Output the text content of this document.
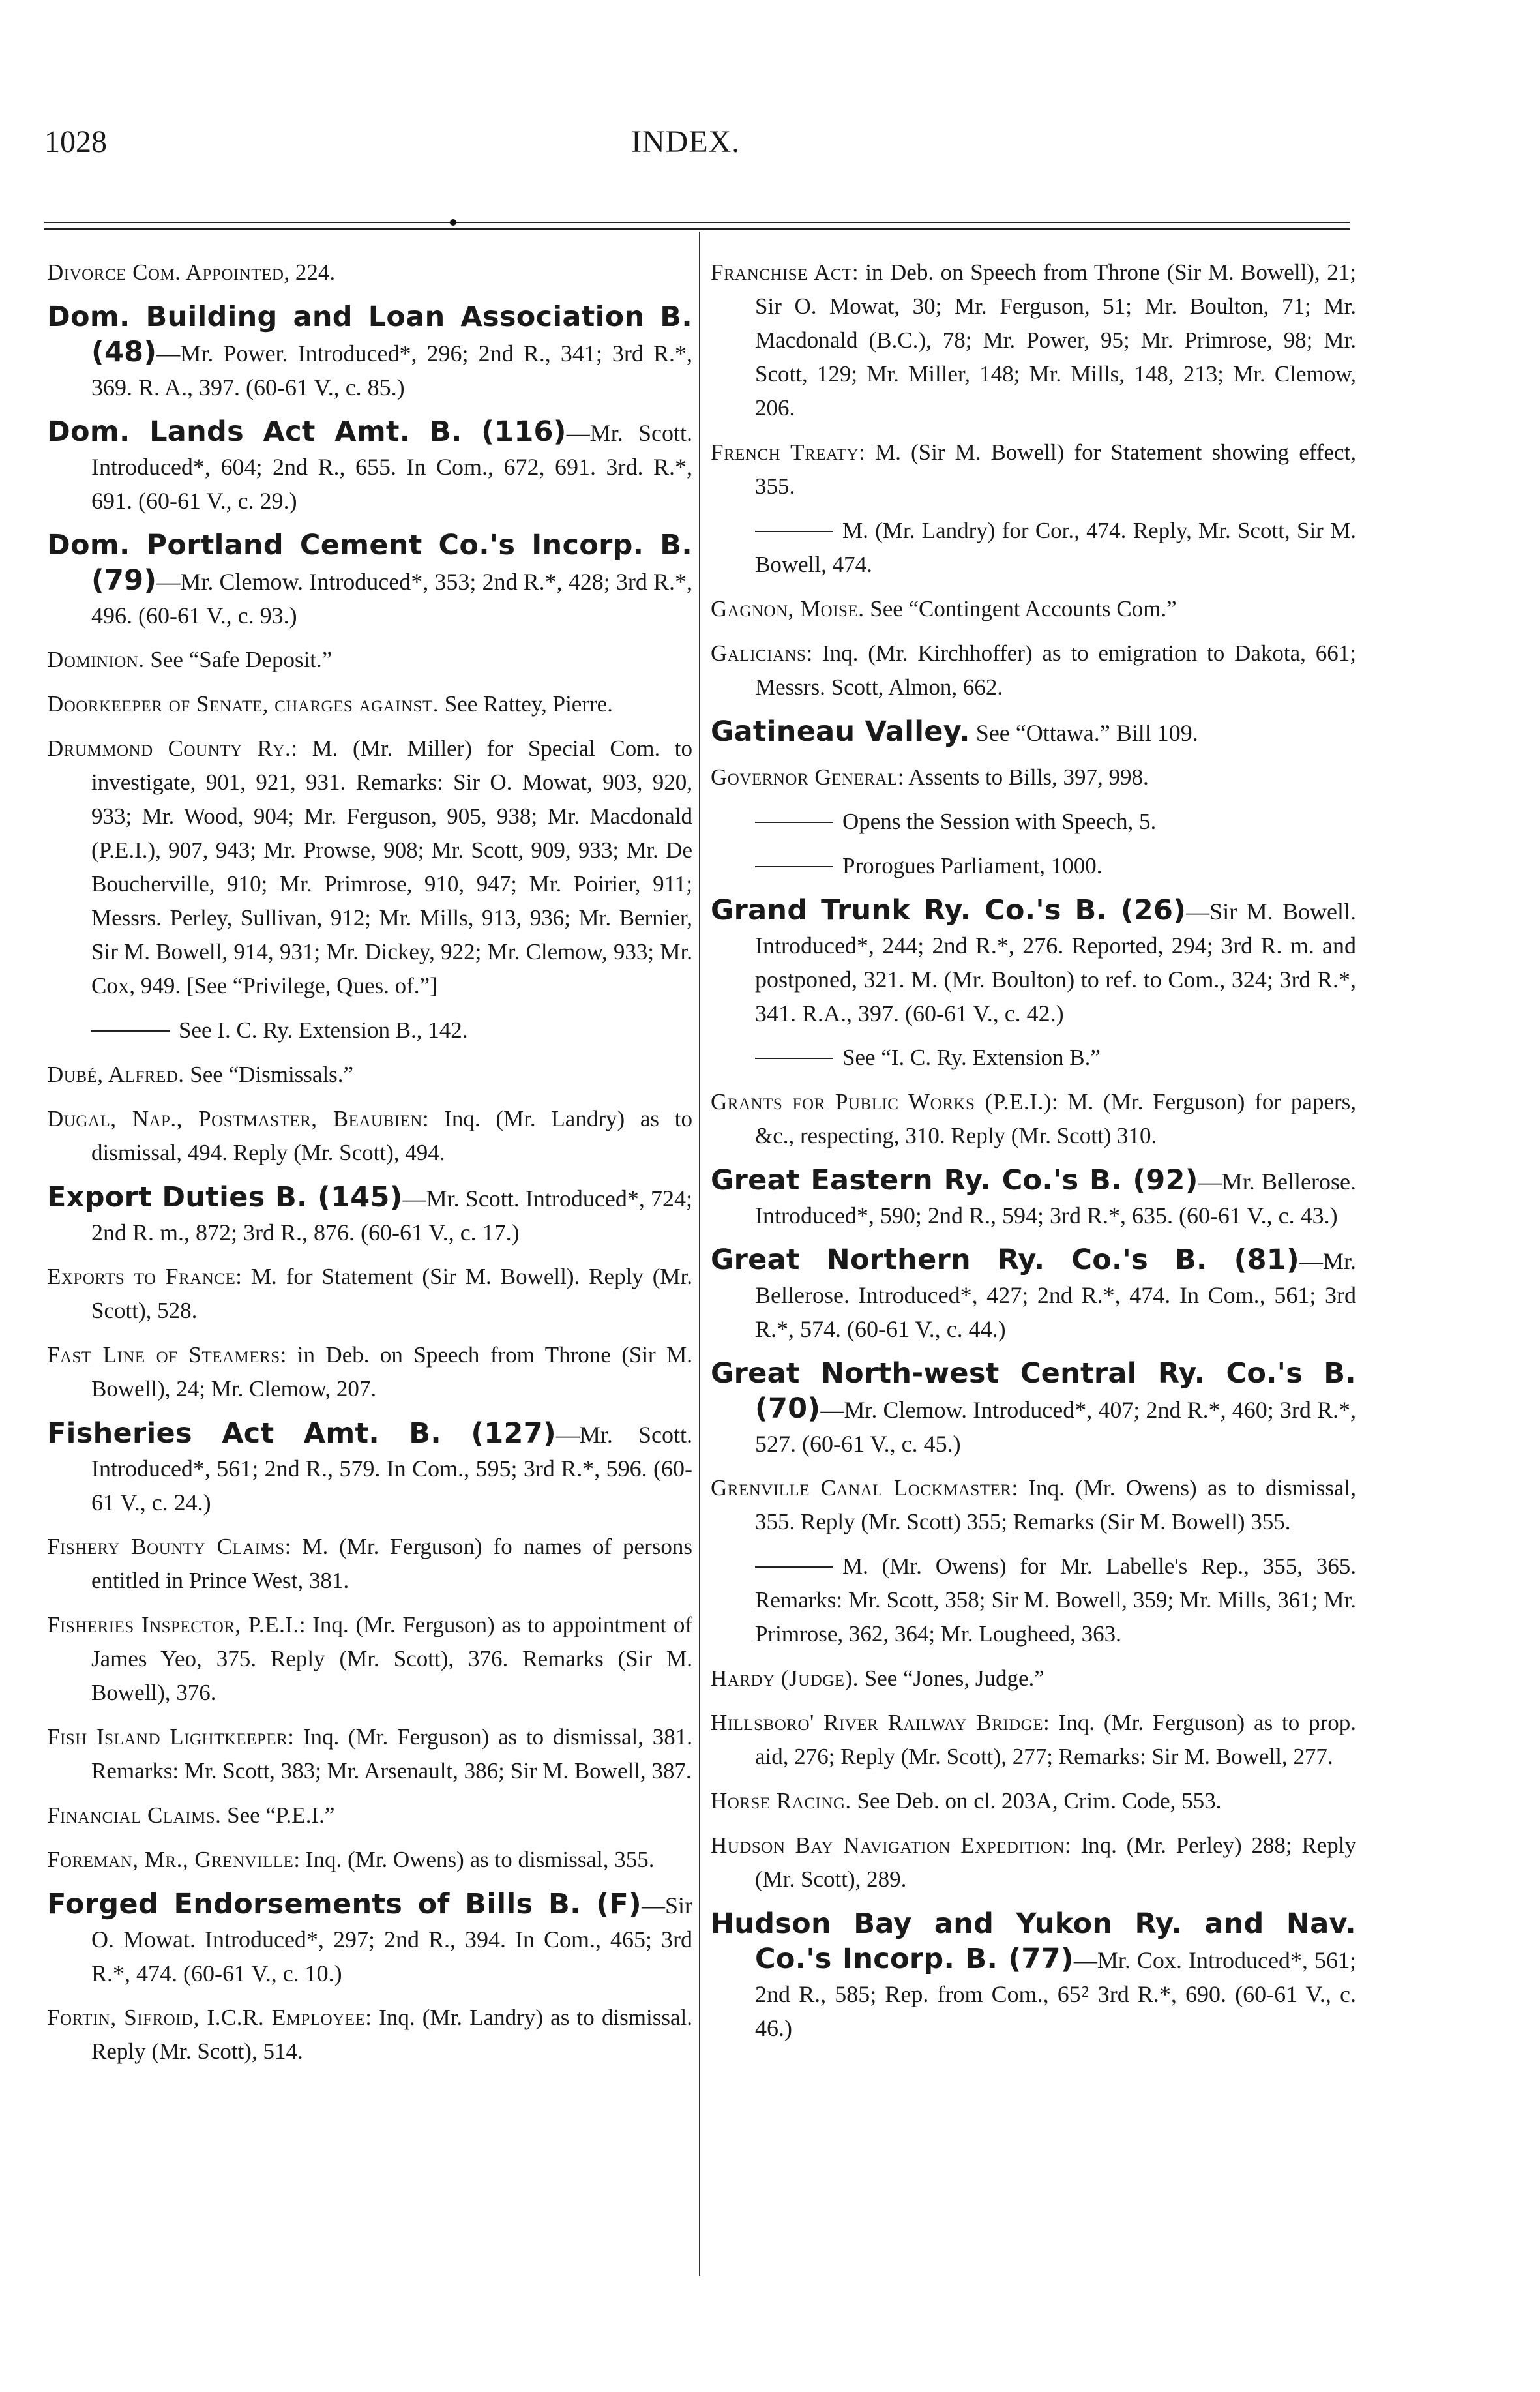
1028	INDEX.
Divorce Com. Appointed, 224.
Dom. Building and Loan Association B. (48)—Mr. Power. Introduced*, 296; 2nd R., 341; 3rd R.*, 369. R. A., 397. (60-61 V., c. 85.)
Dom. Lands Act Amt. B. (116)—Mr. Scott. Introduced*, 604; 2nd R., 655. In Com., 672, 691. 3rd. R.*, 691. (60-61 V., c. 29.)
Dom. Portland Cement Co.'s Incorp. B. (79)—Mr. Clemow. Introduced*, 353; 2nd R.*, 428; 3rd R.*, 496. (60-61 V., c. 93.)
Dominion. See “Safe Deposit.”
Doorkeeper of Senate, charges against. See Rattey, Pierre.
Drummond County Ry.: M. (Mr. Miller) for Special Com. to investigate, 901, 921, 931. Remarks: Sir O. Mowat, 903, 920, 933; Mr. Wood, 904; Mr. Ferguson, 905, 938; Mr. Macdonald (P.E.I.), 907, 943; Mr. Prowse, 908; Mr. Scott, 909, 933; Mr. De Boucherville, 910; Mr. Primrose, 910, 947; Mr. Poirier, 911; Messrs. Perley, Sullivan, 912; Mr. Mills, 913, 936; Mr. Bernier, Sir M. Bowell, 914, 931; Mr. Dickey, 922; Mr. Clemow, 933; Mr. Cox, 949. [See “Privilege, Ques. of.”]
See I. C. Ry. Extension B., 142.
Dubé, Alfred. See “Dismissals.”
Dugal, Nap., Postmaster, Beaubien: Inq. (Mr. Landry) as to dismissal, 494. Reply (Mr. Scott), 494.
Export Duties B. (145)—Mr. Scott. Introduced*, 724; 2nd R. m., 872; 3rd R., 876. (60-61 V., c. 17.)
Exports to France: M. for Statement (Sir M. Bowell). Reply (Mr. Scott), 528.
Fast Line of Steamers: in Deb. on Speech from Throne (Sir M. Bowell), 24; Mr. Clemow, 207.
Fisheries Act Amt. B. (127)—Mr. Scott. Introduced*, 561; 2nd R., 579. In Com., 595; 3rd R.*, 596. (60-61 V., c. 24.)
Fishery Bounty Claims: M. (Mr. Ferguson) fo names of persons entitled in Prince West, 381.
Fisheries Inspector, P.E.I.: Inq. (Mr. Ferguson) as to appointment of James Yeo, 375. Reply (Mr. Scott), 376. Remarks (Sir M. Bowell), 376.
Fish Island Lightkeeper: Inq. (Mr. Ferguson) as to dismissal, 381. Remarks: Mr. Scott, 383; Mr. Arsenault, 386; Sir M. Bowell, 387.
Financial Claims. See “P.E.I.”
Foreman, Mr., Grenville: Inq. (Mr. Owens) as to dismissal, 355.
Forged Endorsements of Bills B. (F)—Sir O. Mowat. Introduced*, 297; 2nd R., 394. In Com., 465; 3rd R.*, 474. (60-61 V., c. 10.)
Fortin, Sifroid, I.C.R. Employee: Inq. (Mr. Landry) as to dismissal. Reply (Mr. Scott), 514.
Franchise Act: in Deb. on Speech from Throne (Sir M. Bowell), 21; Sir O. Mowat, 30; Mr. Ferguson, 51; Mr. Boulton, 71; Mr. Macdonald (B.C.), 78; Mr. Power, 95; Mr. Primrose, 98; Mr. Scott, 129; Mr. Miller, 148; Mr. Mills, 148, 213; Mr. Clemow, 206.
French Treaty: M. (Sir M. Bowell) for Statement showing effect, 355.
M. (Mr. Landry) for Cor., 474. Reply, Mr. Scott, Sir M. Bowell, 474.
Gagnon, Moise. See “Contingent Accounts Com.”
Galicians: Inq. (Mr. Kirchhoffer) as to emigration to Dakota, 661; Messrs. Scott, Almon, 662.
Gatineau Valley. See “Ottawa.” Bill 109.
Governor General: Assents to Bills, 397, 998.
Opens the Session with Speech, 5.
Prorogues Parliament, 1000.
Grand Trunk Ry. Co.'s B. (26)—Sir M. Bowell. Introduced*, 244; 2nd R.*, 276. Reported, 294; 3rd R. m. and postponed, 321. M. (Mr. Boulton) to ref. to Com., 324; 3rd R.*, 341. R.A., 397. (60-61 V., c. 42.)
See “I. C. Ry. Extension B.”
Grants for Public Works (P.E.I.): M. (Mr. Ferguson) for papers, &c., respecting, 310. Reply (Mr. Scott) 310.
Great Eastern Ry. Co.'s B. (92)—Mr. Bellerose. Introduced*, 590; 2nd R., 594; 3rd R.*, 635. (60-61 V., c. 43.)
Great Northern Ry. Co.'s B. (81)—Mr. Bellerose. Introduced*, 427; 2nd R.*, 474. In Com., 561; 3rd R.*, 574. (60-61 V., c. 44.)
Great North-west Central Ry. Co.'s B. (70)—Mr. Clemow. Introduced*, 407; 2nd R.*, 460; 3rd R.*, 527. (60-61 V., c. 45.)
Grenville Canal Lockmaster: Inq. (Mr. Owens) as to dismissal, 355. Reply (Mr. Scott) 355; Remarks (Sir M. Bowell) 355.
M. (Mr. Owens) for Mr. Labelle's Rep., 355, 365. Remarks: Mr. Scott, 358; Sir M. Bowell, 359; Mr. Mills, 361; Mr. Primrose, 362, 364; Mr. Lougheed, 363.
Hardy (Judge). See “Jones, Judge.”
Hillsboro' River Railway Bridge: Inq. (Mr. Ferguson) as to prop. aid, 276; Reply (Mr. Scott), 277; Remarks: Sir M. Bowell, 277.
Horse Racing. See Deb. on cl. 203A, Crim. Code, 553.
Hudson Bay Navigation Expedition: Inq. (Mr. Perley) 288; Reply (Mr. Scott), 289.
Hudson Bay and Yukon Ry. and Nav. Co.'s Incorp. B. (77)—Mr. Cox. Introduced*, 561; 2nd R., 585; Rep. from Com., 65⁲ 3rd R.*, 690. (60-61 V., c. 46.)
